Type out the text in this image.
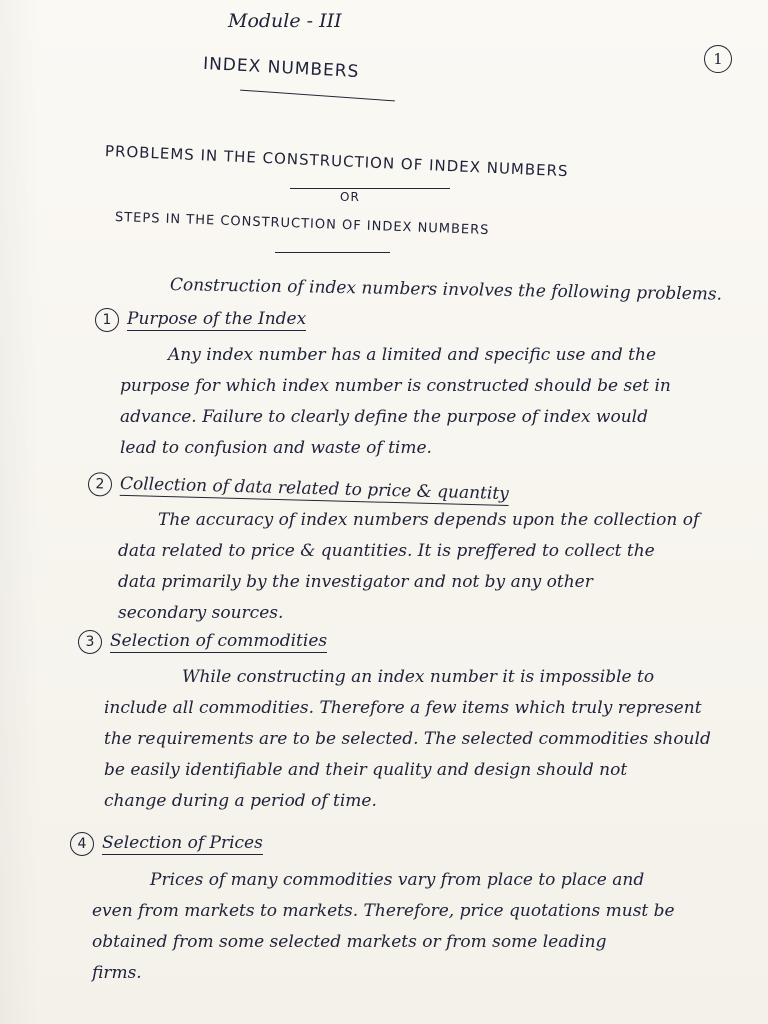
Module - III
1
INDEX NUMBERS
PROBLEMS IN THE CONSTRUCTION OF INDEX NUMBERS
OR
STEPS IN THE CONSTRUCTION OF INDEX NUMBERS
Construction of index numbers involves the following problems.
1 Purpose of the Index
Any index number has a limited and specific use and the
purpose for which index number is constructed should be set in
advance. Failure to clearly define the purpose of index would
lead to confusion and waste of time.
2 Collection of data related to price & quantity
The accuracy of index numbers depends upon the collection of
data related to price & quantities. It is preffered to collect the
data primarily by the investigator and not by any other
secondary sources.
3 Selection of commodities
While constructing an index number it is impossible to
include all commodities. Therefore a few items which truly represent
the requirements are to be selected. The selected commodities should
be easily identifiable and their quality and design should not
change during a period of time.
4 Selection of Prices
Prices of many commodities vary from place to place and
even from markets to markets. Therefore, price quotations must be
obtained from some selected markets or from some leading
firms.
